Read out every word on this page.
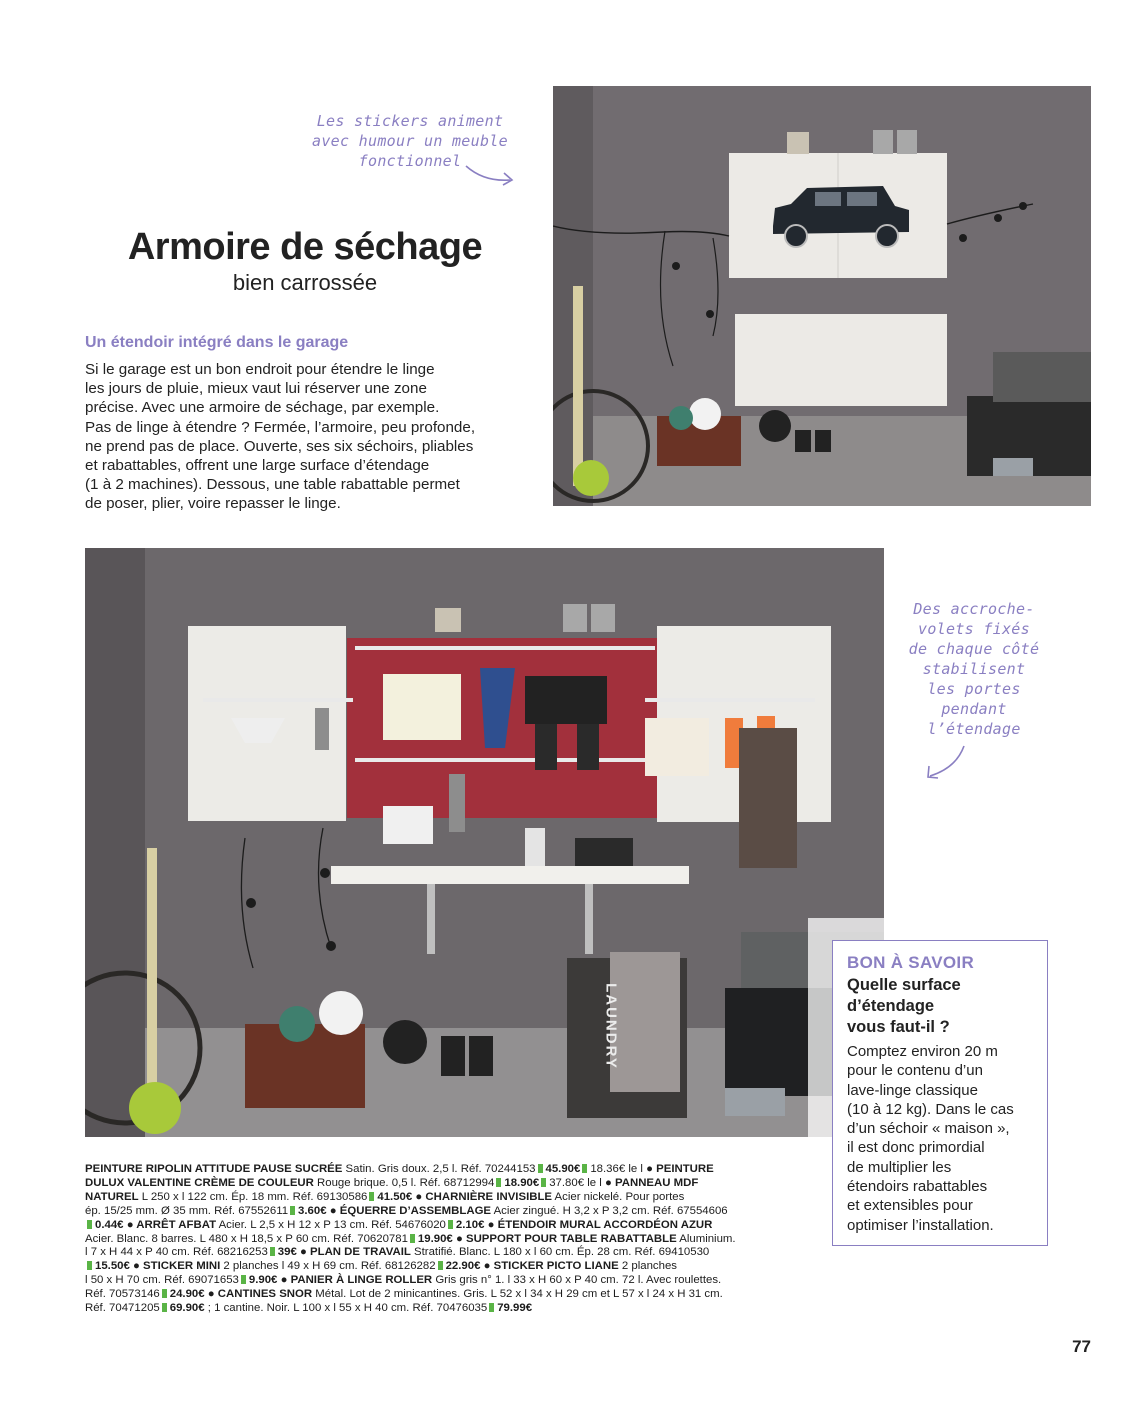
Les stickers animent
avec humour un meuble
fonctionnel
Armoire de séchage
bien carrossée
Un étendoir intégré dans le garage
Si le garage est un bon endroit pour étendre le linge
les jours de pluie, mieux vaut lui réserver une zone
précise. Avec une armoire de séchage, par exemple.
Pas de linge à étendre ? Fermée, l’armoire, peu profonde,
ne prend pas de place. Ouverte, ses six séchoirs, pliables
et rabattables, offrent une large surface d’étendage
(1 à 2 machines). Dessous, une table rabattable permet
de poser, plier, voire repasser le linge.
LAUNDRY
Des accroche-
volets fixés
de chaque côté
stabilisent
les portes
pendant
l’étendage
BON À SAVOIR
Quelle surface
d’étendage
vous faut-il ?
Comptez environ 20 m
pour le contenu d’un
lave-linge classique
(10 à 12 kg). Dans le cas
d’un séchoir « maison »,
il est donc primordial
de multiplier les
étendoirs rabattables
et extensibles pour
optimiser l’installation.
PEINTURE RIPOLIN ATTITUDE PAUSE SUCRÉE Satin. Gris doux. 2,5 l. Réf. 70244153 45.90€ 18.36€ le l ● PEINTURE
DULUX VALENTINE CRÈME DE COULEUR Rouge brique. 0,5 l. Réf. 68712994 18.90€ 37.80€ le l ● PANNEAU MDF
NATUREL L 250 x l 122 cm. Ép. 18 mm. Réf. 69130586 41.50€ ● CHARNIÈRE INVISIBLE Acier nickelé. Pour portes
ép. 15/25 mm. Ø 35 mm. Réf. 67552611 3.60€ ● ÉQUERRE D’ASSEMBLAGE Acier zingué. H 3,2 x P 3,2 cm. Réf. 67554606
0.44€ ● ARRÊT AFBAT Acier. L 2,5 x H 12 x P 13 cm. Réf. 54676020 2.10€ ● ÉTENDOIR MURAL ACCORDÉON AZUR
Acier. Blanc. 8 barres. L 480 x H 18,5 x P 60 cm. Réf. 70620781 19.90€ ● SUPPORT POUR TABLE RABATTABLE Aluminium.
l 7 x H 44 x P 40 cm. Réf. 68216253 39€ ● PLAN DE TRAVAIL Stratifié. Blanc. L 180 x l 60 cm. Ép. 28 cm. Réf. 69410530
15.50€ ● STICKER MINI 2 planches l 49 x H 69 cm. Réf. 68126282 22.90€ ● STICKER PICTO LIANE 2 planches
l 50 x H 70 cm. Réf. 69071653 9.90€ ● PANIER À LINGE ROLLER Gris gris n° 1. l 33 x H 60 x P 40 cm. 72 l. Avec roulettes.
Réf. 70573146 24.90€ ● CANTINES SNOR Métal. Lot de 2 minicantines. Gris. L 52 x l 34 x H 29 cm et L 57 x l 24 x H 31 cm.
Réf. 70471205 69.90€ ; 1 cantine. Noir. L 100 x l 55 x H 40 cm. Réf. 70476035 79.99€
77
